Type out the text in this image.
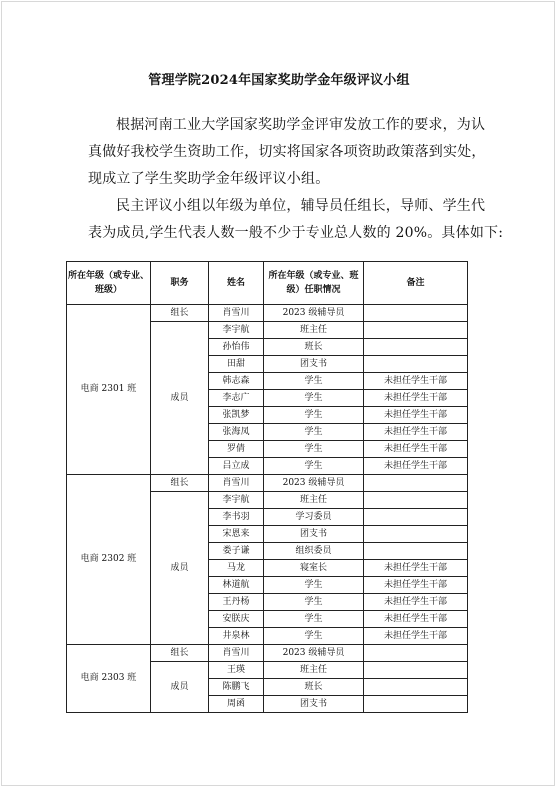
管理学院2024年国家奖助学金年级评议小组
根据河南工业大学国家奖助学金评审发放工作的要求，为认
真做好我校学生资助工作，切实将国家各项资助政策落到实处，
现成立了学生奖助学金年级评议小组。
民主评议小组以年级为单位，辅导员任组长，导师、学生代
表为成员,学生代表人数一般不少于专业总人数的 20%。具体如下:
所在年级（或专业、班级）	职务	姓名	所在年级（或专业、班级）任职情况	备注
电商 2301 班	组长	肖雪川	2023 级辅导员	
	成员	李宇航	班主任	
		孙怡伟	班长	
		田甜	团支书	
		韩志森	学生	未担任学生干部
		李志广	学生	未担任学生干部
		张凯梦	学生	未担任学生干部
		张海凤	学生	未担任学生干部
		罗倩	学生	未担任学生干部
		吕立成	学生	未担任学生干部
电商 2302 班	组长	肖雪川	2023 级辅导员	
	成员	李宇航	班主任	
		李书羽	学习委员	
		宋恩来	团支书	
		娄子谦	组织委员	
		马龙	寝室长	未担任学生干部
		林道航	学生	未担任学生干部
		王丹杨	学生	未担任学生干部
		安朕庆	学生	未担任学生干部
		井泉林	学生	未担任学生干部
电商 2303 班	组长	肖雪川	2023 级辅导员	
	成员	王瑛	班主任	
		陈鹏飞	班长	
		周函	团支书	
